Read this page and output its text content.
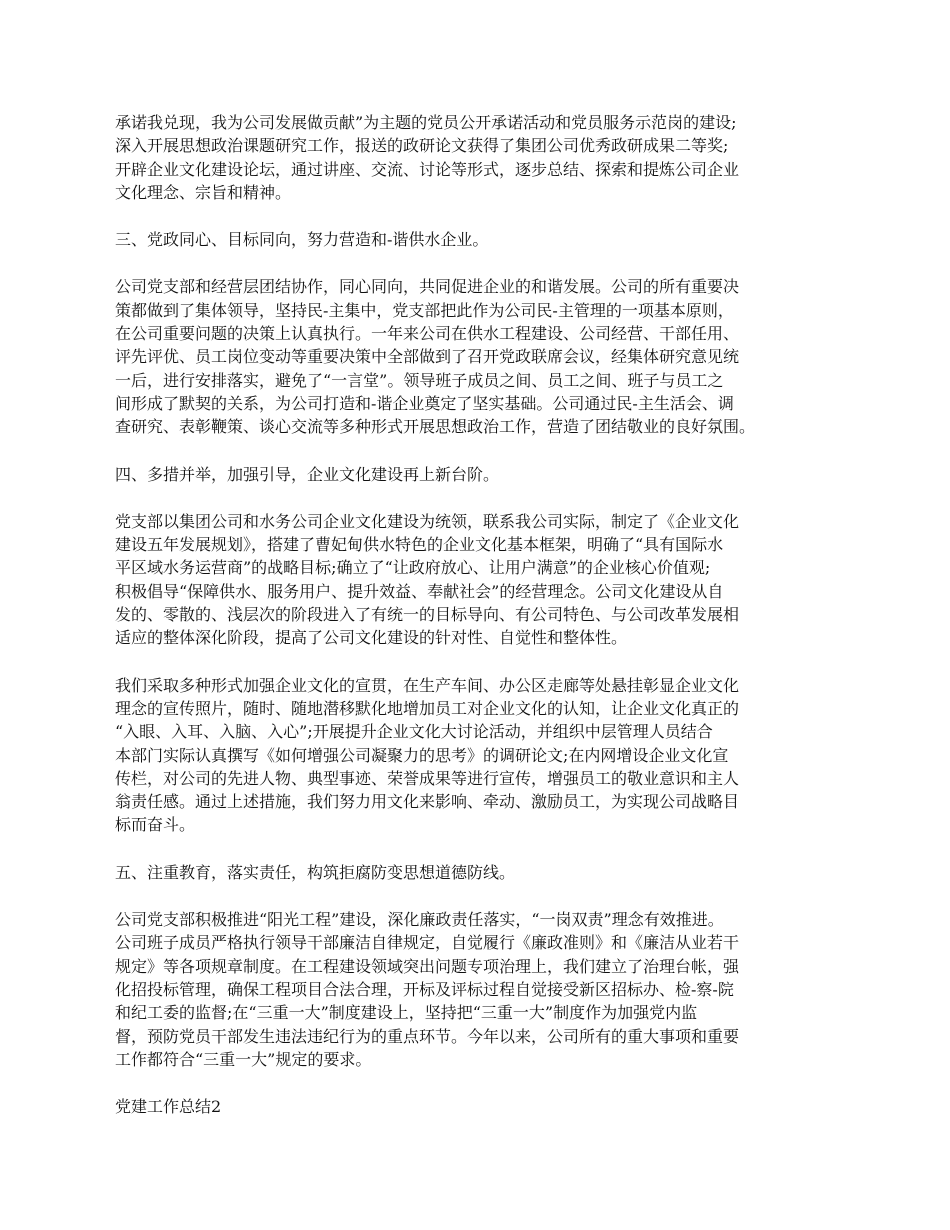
承诺我兑现，我为公司发展做贡献”为主题的党员公开承诺活动和党员服务示范岗的建设;
深入开展思想政治课题研究工作，报送的政研论文获得了集团公司优秀政研成果二等奖;
开辟企业文化建设论坛，通过讲座、交流、讨论等形式，逐步总结、探索和提炼公司企业
文化理念、宗旨和精神。
三、党政同心、目标同向，努力营造和-谐供水企业。
公司党支部和经营层团结协作，同心同向，共同促进企业的和谐发展。公司的所有重要决
策都做到了集体领导，坚持民-主集中，党支部把此作为公司民-主管理的一项基本原则，
在公司重要问题的决策上认真执行。一年来公司在供水工程建设、公司经营、干部任用、
评先评优、员工岗位变动等重要决策中全部做到了召开党政联席会议，经集体研究意见统
一后，进行安排落实，避免了“一言堂”。领导班子成员之间、员工之间、班子与员工之
间形成了默契的关系，为公司打造和-谐企业奠定了坚实基础。公司通过民-主生活会、调
查研究、表彰鞭策、谈心交流等多种形式开展思想政治工作，营造了团结敬业的良好氛围。
四、多措并举，加强引导，企业文化建设再上新台阶。
党支部以集团公司和水务公司企业文化建设为统领，联系我公司实际，制定了《企业文化
建设五年发展规划》，搭建了曹妃甸供水特色的企业文化基本框架，明确了“具有国际水
平区域水务运营商”的战略目标;确立了“让政府放心、让用户满意”的企业核心价值观;
积极倡导“保障供水、服务用户、提升效益、奉献社会”的经营理念。公司文化建设从自
发的、零散的、浅层次的阶段进入了有统一的目标导向、有公司特色、与公司改革发展相
适应的整体深化阶段，提高了公司文化建设的针对性、自觉性和整体性。
我们采取多种形式加强企业文化的宣贯，在生产车间、办公区走廊等处悬挂彰显企业文化
理念的宣传照片，随时、随地潜移默化地增加员工对企业文化的认知，让企业文化真正的
“入眼、入耳、入脑、入心”;开展提升企业文化大讨论活动，并组织中层管理人员结合
本部门实际认真撰写《如何增强公司凝聚力的思考》的调研论文;在内网增设企业文化宣
传栏，对公司的先进人物、典型事迹、荣誉成果等进行宣传，增强员工的敬业意识和主人
翁责任感。通过上述措施，我们努力用文化来影响、牵动、激励员工，为实现公司战略目
标而奋斗。
五、注重教育，落实责任，构筑拒腐防变思想道德防线。
公司党支部积极推进“阳光工程”建设，深化廉政责任落实，“一岗双责”理念有效推进。
公司班子成员严格执行领导干部廉洁自律规定，自觉履行《廉政准则》和《廉洁从业若干
规定》等各项规章制度。在工程建设领域突出问题专项治理上，我们建立了治理台帐，强
化招投标管理，确保工程项目合法合理，开标及评标过程自觉接受新区招标办、检-察-院
和纪工委的监督;在“三重一大”制度建设上，坚持把“三重一大”制度作为加强党内监
督，预防党员干部发生违法违纪行为的重点环节。今年以来，公司所有的重大事项和重要
工作都符合“三重一大”规定的要求。
党建工作总结2
